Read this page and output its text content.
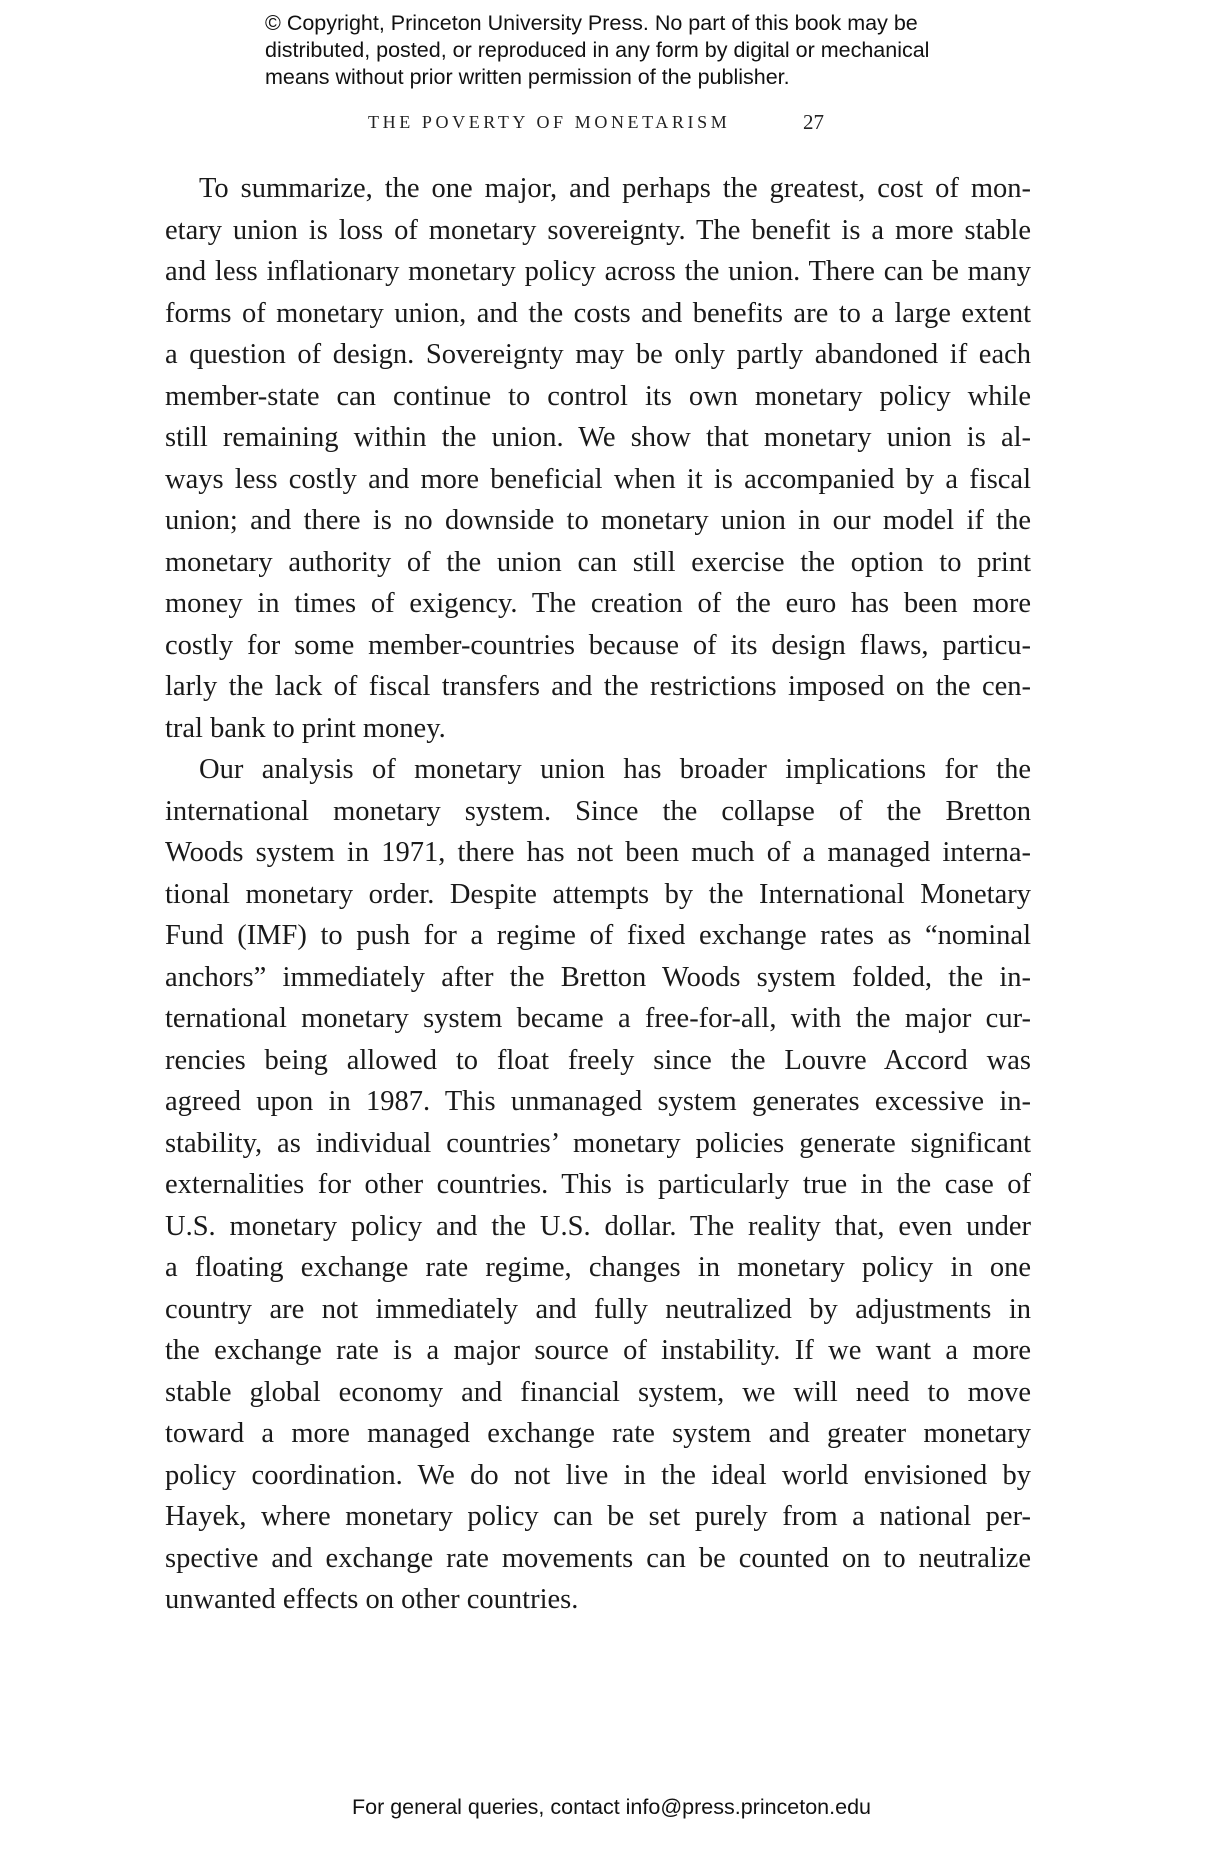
© Copyright, Princeton University Press. No part of this book may be
distributed, posted, or reproduced in any form by digital or mechanical
means without prior written permission of the publisher.
THE POVERTY OF MONETARISM	27
To summarize, the one major, and perhaps the greatest, cost of mon-
etary union is loss of monetary sovereignty. The benefit is a more stable
and less inflationary monetary policy across the union. There can be many
forms of monetary union, and the costs and benefits are to a large extent
a question of design. Sovereignty may be only partly abandoned if each
member-state can continue to control its own monetary policy while
still remaining within the union. We show that monetary union is al-
ways less costly and more beneficial when it is accompanied by a fiscal
union; and there is no downside to monetary union in our model if the
monetary authority of the union can still exercise the option to print
money in times of exigency. The creation of the euro has been more
costly for some member-countries because of its design flaws, particu-
larly the lack of fiscal transfers and the restrictions imposed on the cen-
tral bank to print money.
Our analysis of monetary union has broader implications for the
international monetary system. Since the collapse of the Bretton
Woods system in 1971, there has not been much of a managed interna-
tional monetary order. Despite attempts by the International Monetary
Fund (IMF) to push for a regime of fixed exchange rates as “nominal
anchors” immediately after the Bretton Woods system folded, the in-
ternational monetary system became a free-for-all, with the major cur-
rencies being allowed to float freely since the Louvre Accord was
agreed upon in 1987. This unmanaged system generates excessive in-
stability, as individual countries’ monetary policies generate significant
externalities for other countries. This is particularly true in the case of
U.S. monetary policy and the U.S. dollar. The reality that, even under
a floating exchange rate regime, changes in monetary policy in one
country are not immediately and fully neutralized by adjustments in
the exchange rate is a major source of instability. If we want a more
stable global economy and financial system, we will need to move
toward a more managed exchange rate system and greater monetary
policy coordination. We do not live in the ideal world envisioned by
Hayek, where monetary policy can be set purely from a national per-
spective and exchange rate movements can be counted on to neutralize
unwanted effects on other countries.
For general queries, contact info@press.princeton.edu
